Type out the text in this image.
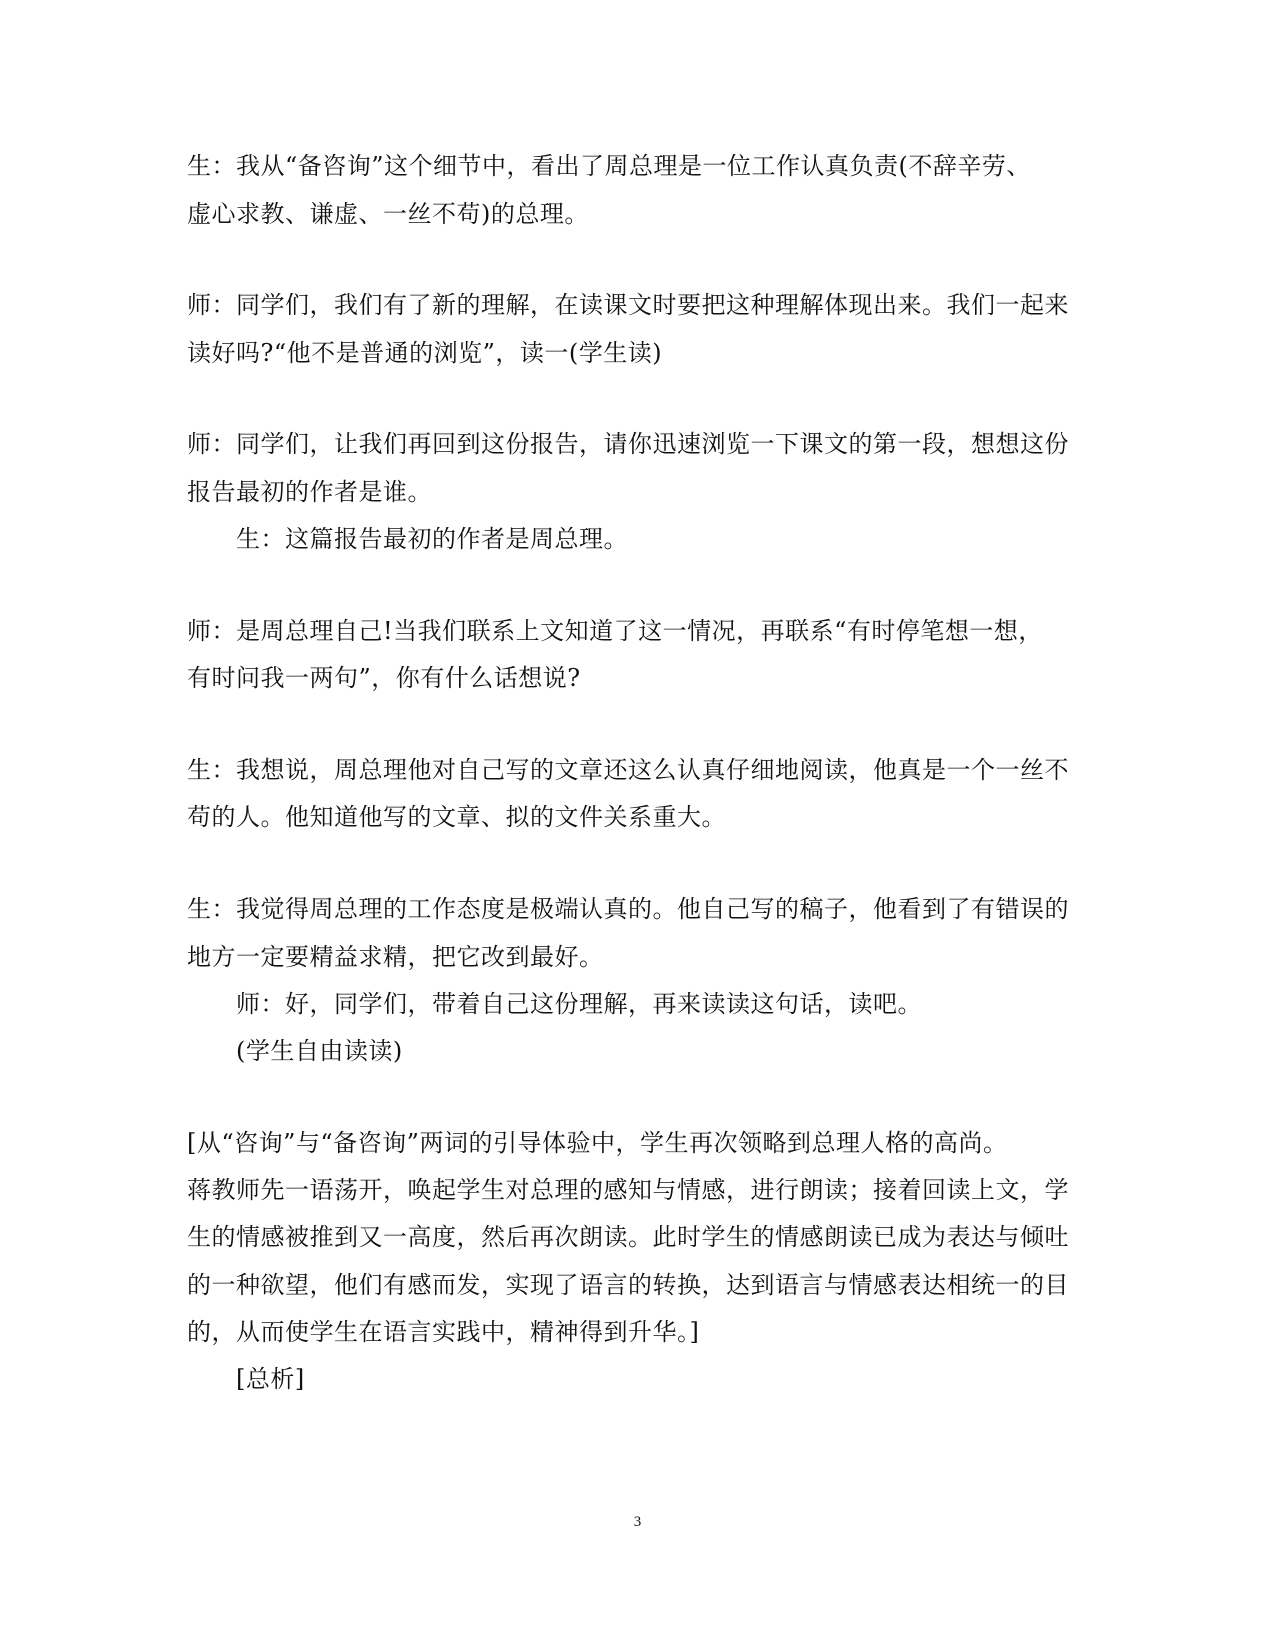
生：我从“备咨询”这个细节中，看出了周总理是一位工作认真负责(不辞辛劳、
虚心求教、谦虚、一丝不苟)的总理。
师：同学们，我们有了新的理解，在读课文时要把这种理解体现出来。我们一起来
读好吗?“他不是普通的浏览”，读一(学生读)
师：同学们，让我们再回到这份报告，请你迅速浏览一下课文的第一段，想想这份
报告最初的作者是谁。
生：这篇报告最初的作者是周总理。
师：是周总理自己!当我们联系上文知道了这一情况，再联系“有时停笔想一想，
有时问我一两句”，你有什么话想说?
生：我想说，周总理他对自己写的文章还这么认真仔细地阅读，他真是一个一丝不
苟的人。他知道他写的文章、拟的文件关系重大。
生：我觉得周总理的工作态度是极端认真的。他自己写的稿子，他看到了有错误的
地方一定要精益求精，把它改到最好。
师：好，同学们，带着自己这份理解，再来读读这句话，读吧。
(学生自由读读)
[从“咨询”与“备咨询”两词的引导体验中，学生再次领略到总理人格的高尚。
蒋教师先一语荡开，唤起学生对总理的感知与情感，进行朗读；接着回读上文，学
生的情感被推到又一高度，然后再次朗读。此时学生的情感朗读已成为表达与倾吐
的一种欲望，他们有感而发，实现了语言的转换，达到语言与情感表达相统一的目
的，从而使学生在语言实践中，精神得到升华。]
[总析]
3
